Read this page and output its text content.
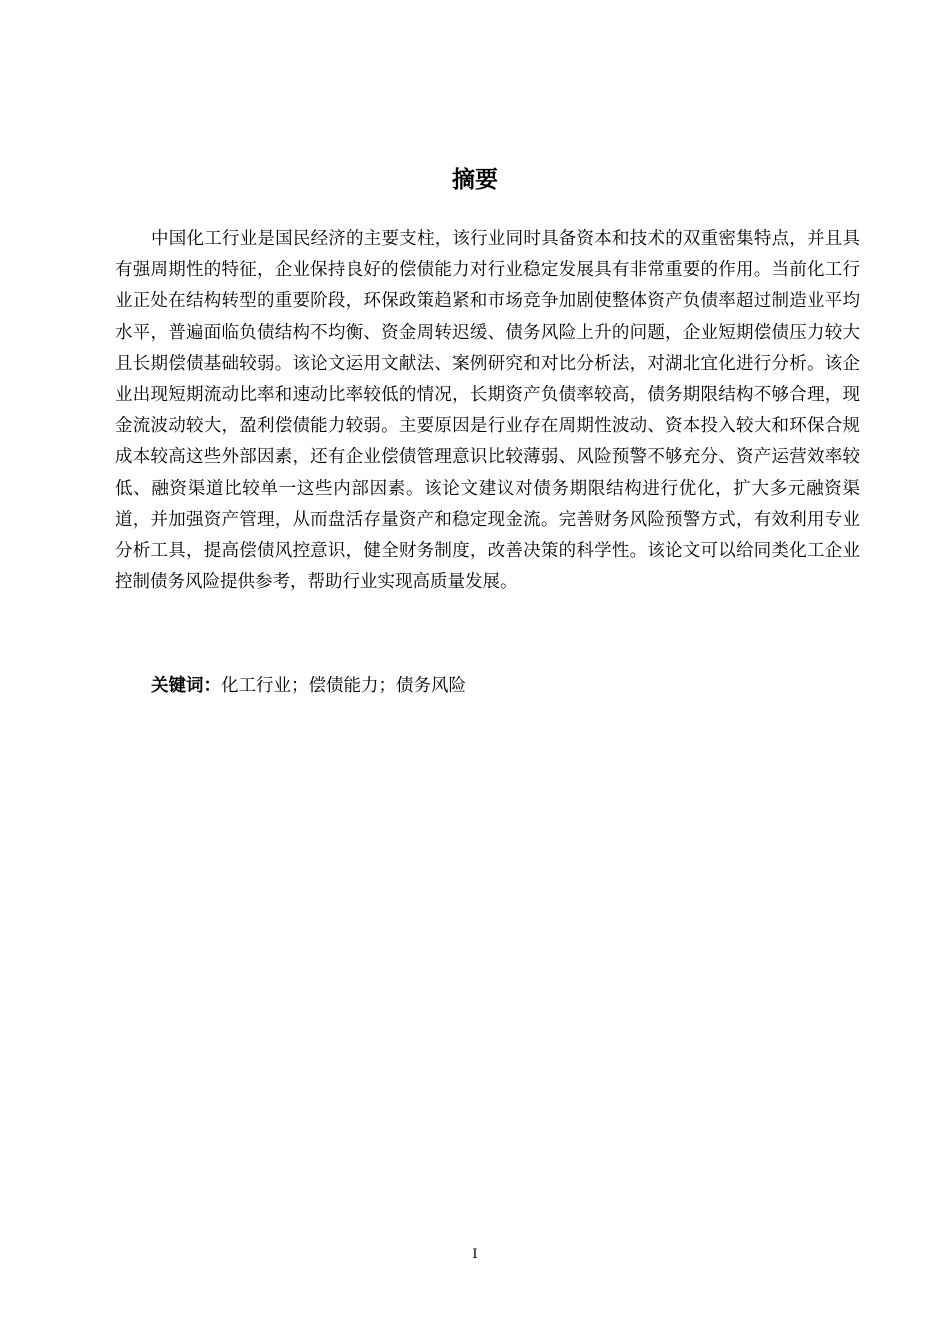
摘要

中国化工行业是国民经济的主要支柱，该行业同时具备资本和技术的双重密集特点，并且具有强周期性的特征，企业保持良好的偿债能力对行业稳定发展具有非常重要的作用。当前化工行业正处在结构转型的重要阶段，环保政策趋紧和市场竞争加剧使整体资产负债率超过制造业平均水平，普遍面临负债结构不均衡、资金周转迟缓、债务风险上升的问题，企业短期偿债压力较大且长期偿债基础较弱。该论文运用文献法、案例研究和对比分析法，对湖北宜化进行分析。该企业出现短期流动比率和速动比率较低的情况，长期资产负债率较高，债务期限结构不够合理，现金流波动较大，盈利偿债能力较弱。主要原因是行业存在周期性波动、资本投入较大和环保合规成本较高这些外部因素，还有企业偿债管理意识比较薄弱、风险预警不够充分、资产运营效率较低、融资渠道比较单一这些内部因素。该论文建议对债务期限结构进行优化，扩大多元融资渠道，并加强资产管理，从而盘活存量资产和稳定现金流。完善财务风险预警方式，有效利用专业分析工具，提高偿债风控意识，健全财务制度，改善决策的科学性。该论文可以给同类化工企业控制债务风险提供参考，帮助行业实现高质量发展。

关键词：化工行业；偿债能力；债务风险

I
